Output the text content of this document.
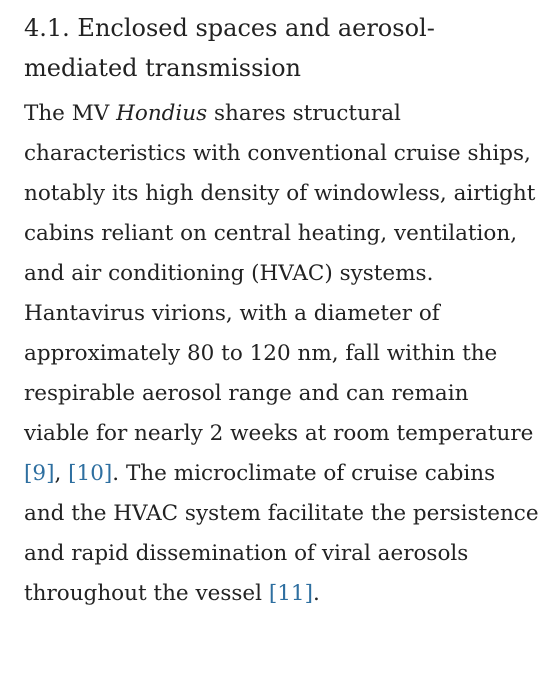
4.1. Enclosed spaces and aerosol-
mediated transmission

The MV Hondius shares structural characteristics with conventional cruise ships, notably its high density of windowless, airtight cabins reliant on central heating, ventilation, and air conditioning (HVAC) systems. Hantavirus virions, with a diameter of approximately 80 to 120 nm, fall within the respirable aerosol range and can remain viable for nearly 2 weeks at room temperature [9], [10]. The microclimate of cruise cabins and the HVAC system facilitate the persistence and rapid dissemination of viral aerosols throughout the vessel [11].
